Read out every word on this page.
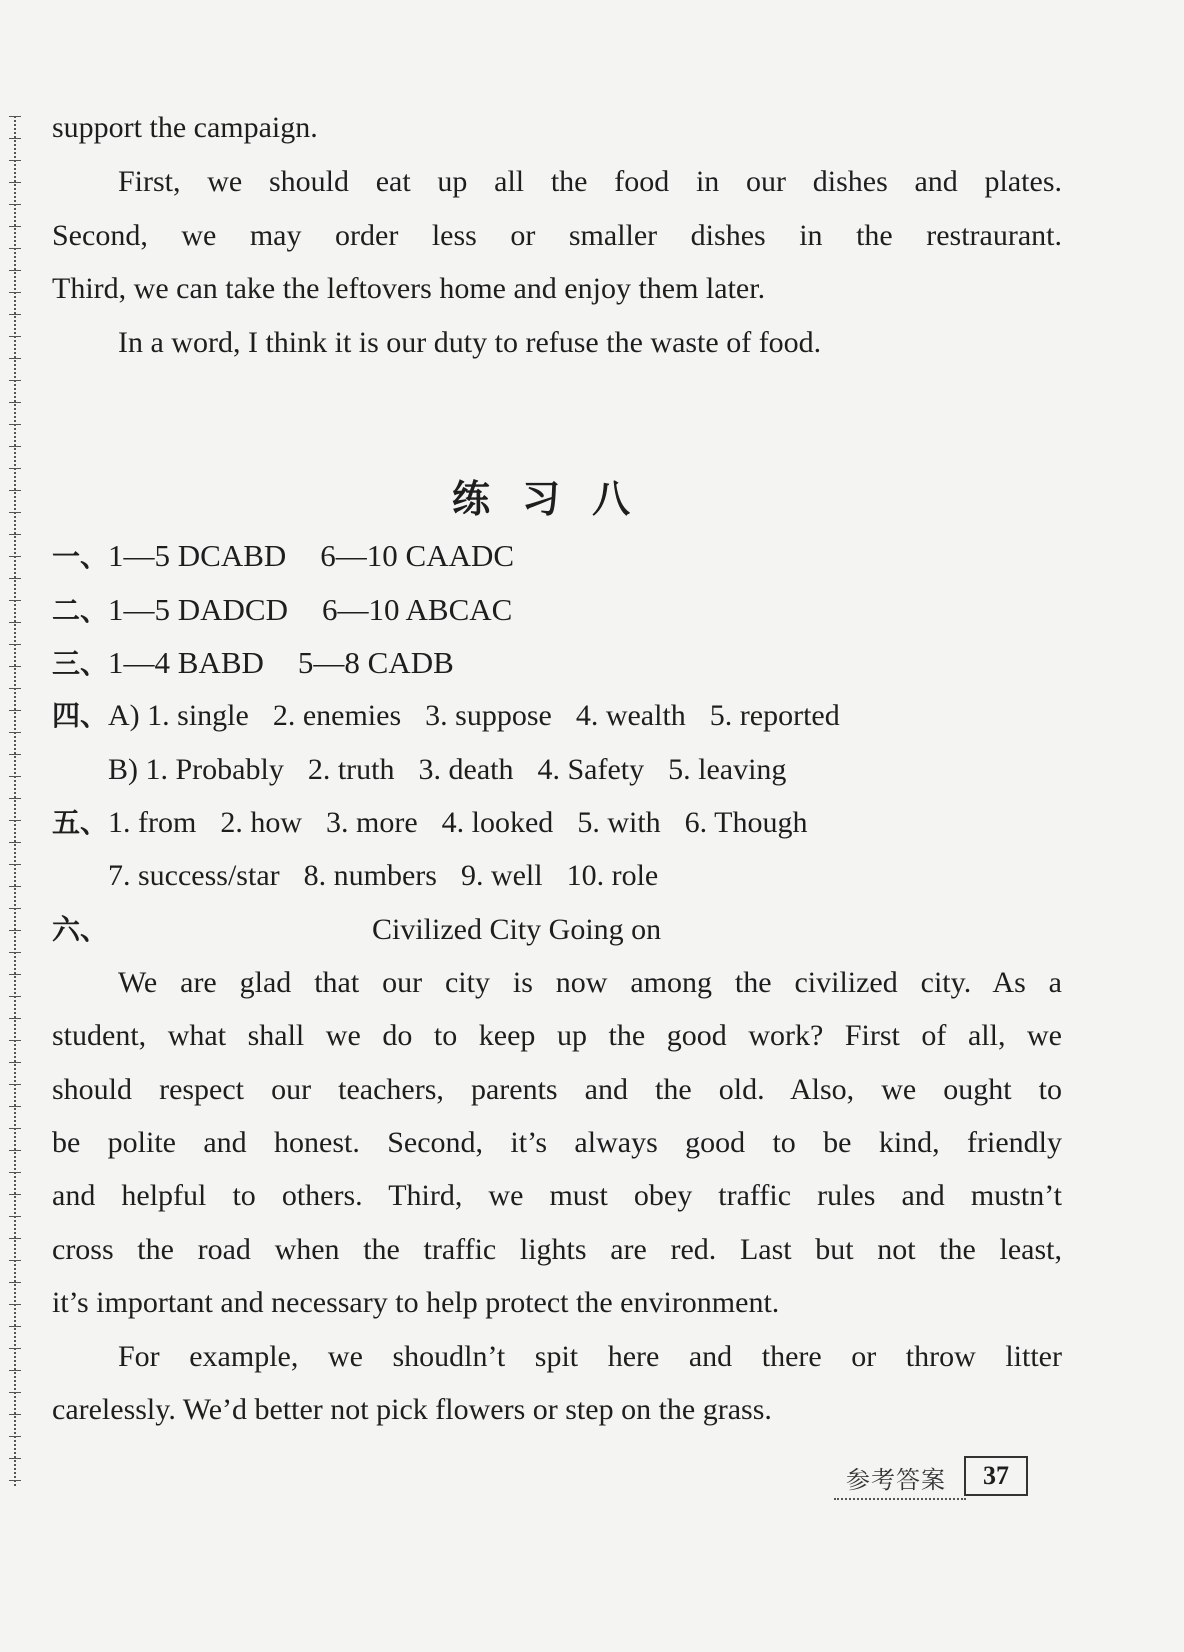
support the campaign.
First, we should eat up all the food in our dishes and plates.
Second, we may order less or smaller dishes in the restraurant.
Third, we can take the leftovers home and enjoy them later.
In a word, I think it is our duty to refuse the waste of food.
练习八
一、1—5 DCABD 6—10 CAADC
二、1—5 DADCD 6—10 ABCAC
三、1—4 BABD 5—8 CADB
四、A) 1. single 2. enemies 3. suppose 4. wealth 5. reported
B) 1. Probably 2. truth 3. death 4. Safety 5. leaving
五、1. from 2. how 3. more 4. looked 5. with 6. Though
7. success/star 8. numbers 9. well 10. role
六、	Civilized City Going on
We are glad that our city is now among the civilized city. As a
student, what shall we do to keep up the good work? First of all, we
should respect our teachers, parents and the old. Also, we ought to
be polite and honest. Second, it’s always good to be kind, friendly
and helpful to others. Third, we must obey traffic rules and mustn’t
cross the road when the traffic lights are red. Last but not the least,
it’s important and necessary to help protect the environment.
For example, we shoudln’t spit here and there or throw litter
carelessly. We’d better not pick flowers or step on the grass.
参考答案	37
